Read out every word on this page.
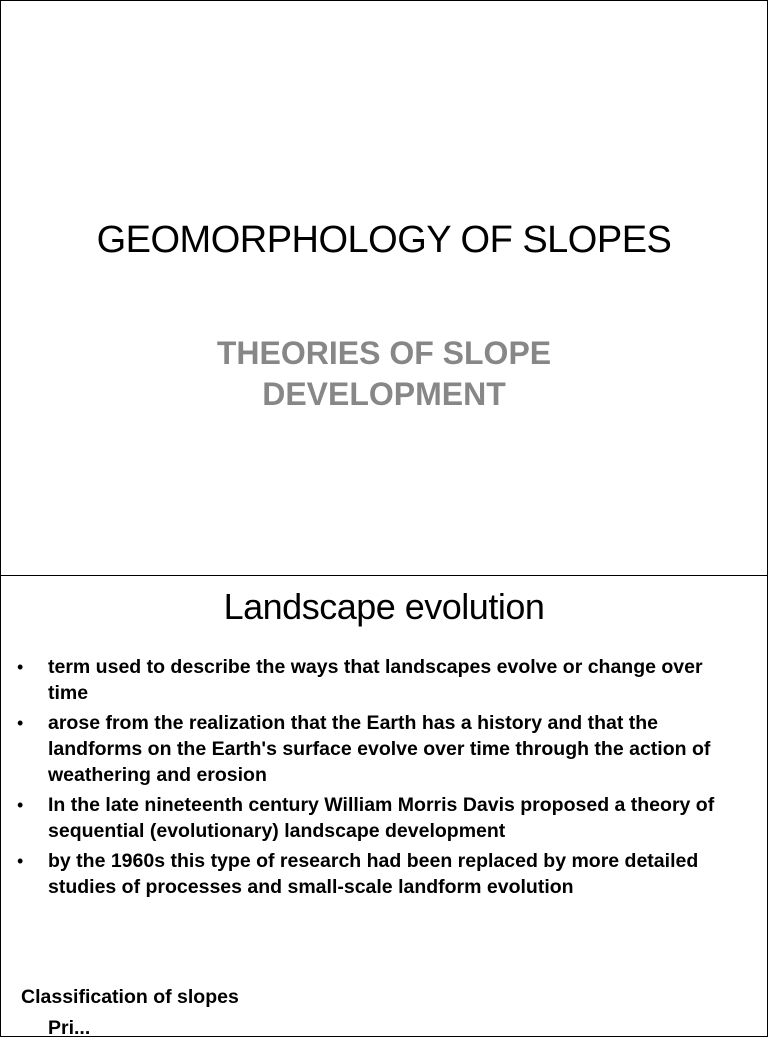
GEOMORPHOLOGY OF SLOPES
THEORIES OF SLOPE
DEVELOPMENT
Landscape evolution
• term used to describe the ways that landscapes evolve or change over time
• arose from the realization that the Earth has a history and that the landforms on the Earth's surface evolve over time through the action of weathering and erosion
• In the late nineteenth century William Morris Davis proposed a theory of sequential (evolutionary) landscape development
• by the 1960s this type of research had been replaced by more detailed studies of processes and small-scale landform evolution
Classification of slopes
Pri...
